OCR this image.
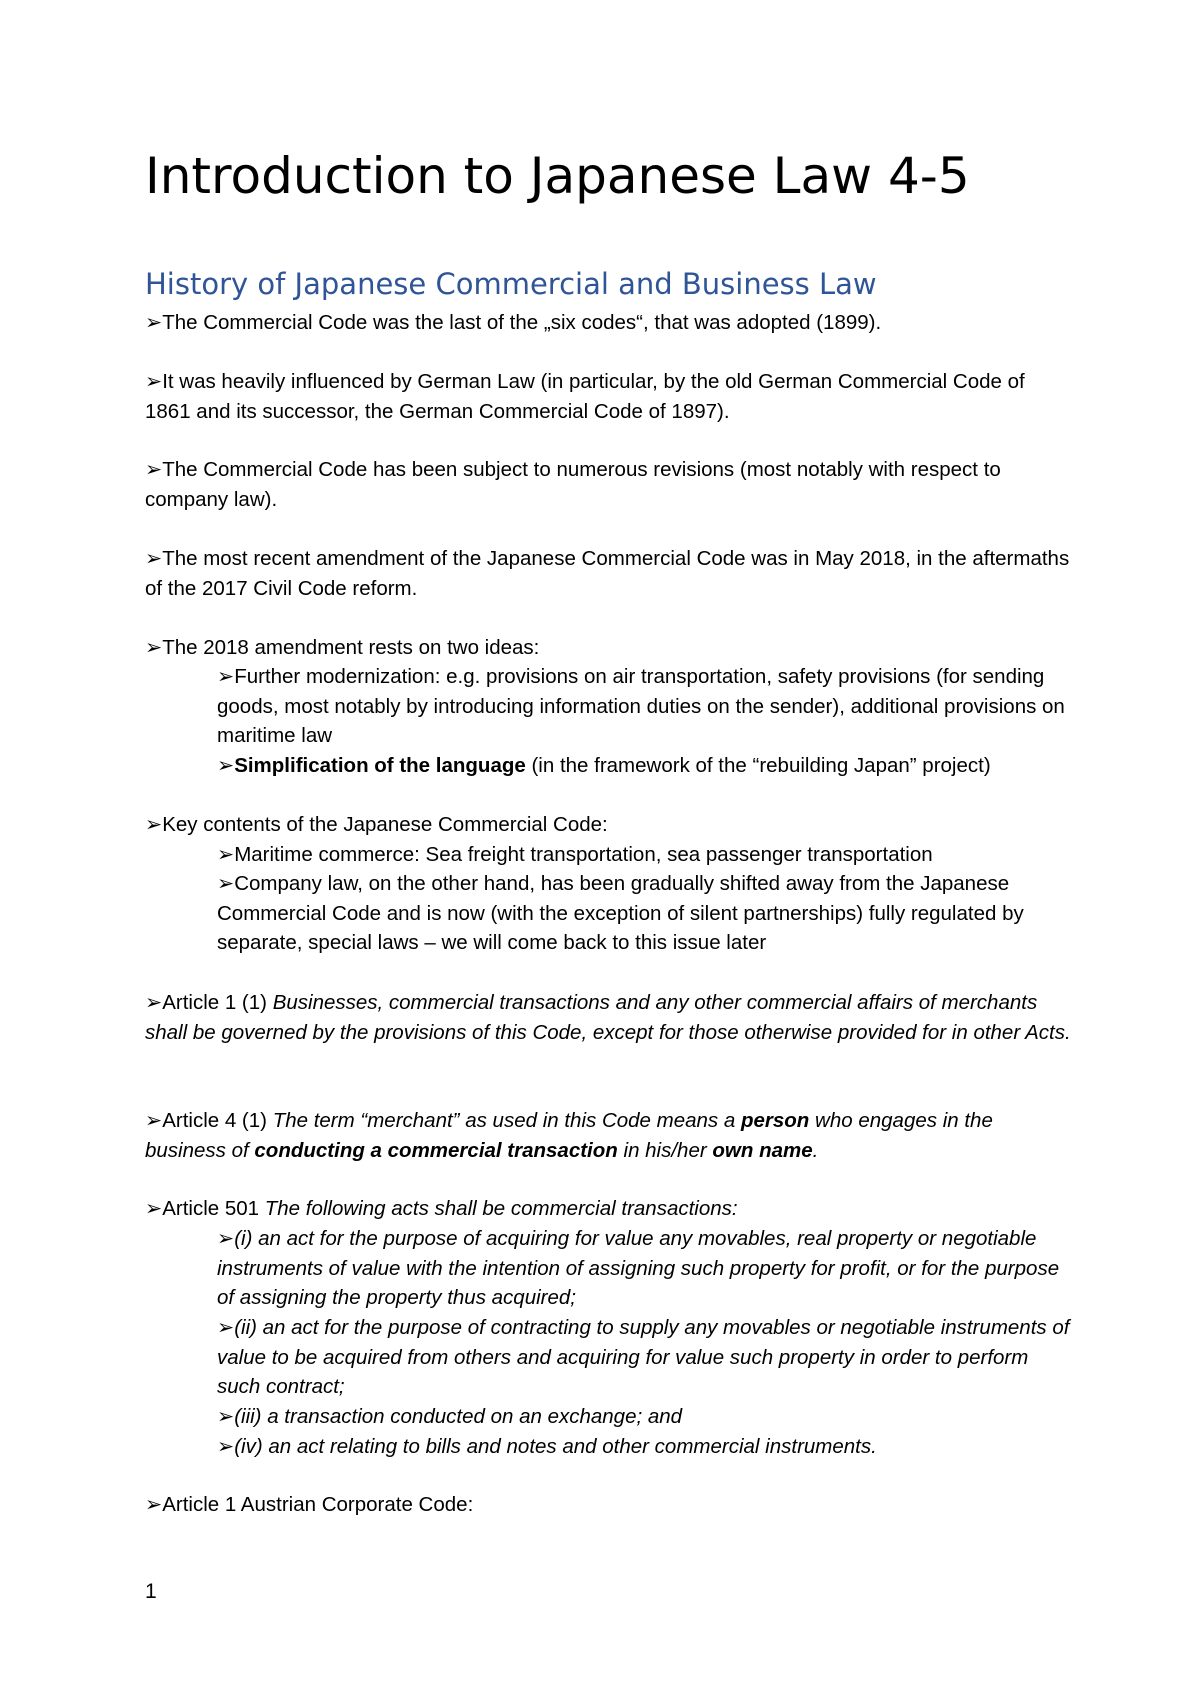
Introduction to Japanese Law 4-5
History of Japanese Commercial and Business Law

➢The Commercial Code was the last of the „six codes“, that was adopted (1899).

➢It was heavily influenced by German Law (in particular, by the old German Commercial Code of 1861 and its successor, the German Commercial Code of 1897).

➢The Commercial Code has been subject to numerous revisions (most notably with respect to company law).

➢The most recent amendment of the Japanese Commercial Code was in May 2018, in the aftermaths of the 2017 Civil Code reform.

➢The 2018 amendment rests on two ideas:

➢Further modernization: e.g. provisions on air transportation, safety provisions (for sending goods, most notably by introducing information duties on the sender), additional provisions on maritime law

➢Simplification of the language (in the framework of the “rebuilding Japan” project)

➢Key contents of the Japanese Commercial Code:

➢Maritime commerce: Sea freight transportation, sea passenger transportation

➢Company law, on the other hand, has been gradually shifted away from the Japanese Commercial Code and is now (with the exception of silent partnerships) fully regulated by separate, special laws – we will come back to this issue later

➢Article 1 (1) Businesses, commercial transactions and any other commercial affairs of merchants shall be governed by the provisions of this Code, except for those otherwise provided for in other Acts.

➢Article 4 (1) The term “merchant” as used in this Code means a person who engages in the business of conducting a commercial transaction in his/her own name.

➢Article 501 The following acts shall be commercial transactions:

➢(i) an act for the purpose of acquiring for value any movables, real property or negotiable instruments of value with the intention of assigning such property for profit, or for the purpose of assigning the property thus acquired;

➢(ii) an act for the purpose of contracting to supply any movables or negotiable instruments of value to be acquired from others and acquiring for value such property in order to perform such contract;

➢(iii) a transaction conducted on an exchange; and

➢(iv) an act relating to bills and notes and other commercial instruments.

➢Article 1 Austrian Corporate Code:

1
